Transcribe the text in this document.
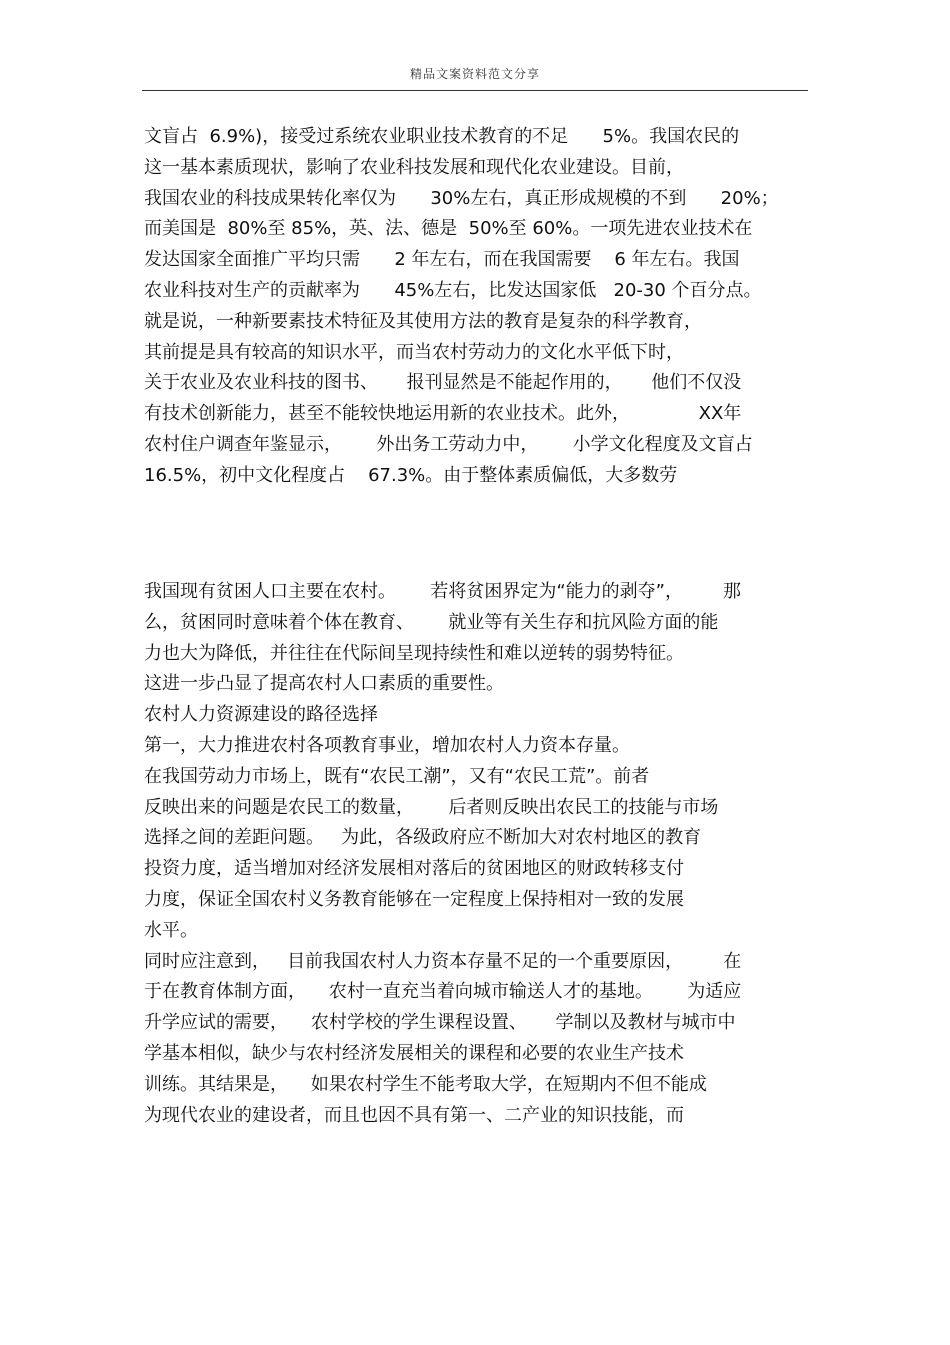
精品文案资料范文分享
文盲占  6.9%)，接受过系统农业职业技术教育的不足      5%。我国农民的
这一基本素质现状，影响了农业科技发展和现代化农业建设。目前，
我国农业的科技成果转化率仅为      30%左右，真正形成规模的不到      20%；
而美国是  80%至 85%，英、法、德是  50%至 60%。一项先进农业技术在
发达国家全面推广平均只需      2 年左右，而在我国需要    6 年左右。我国
农业科技对生产的贡献率为      45%左右，比发达国家低   20-30 个百分点。
就是说，一种新要素技术特征及其使用方法的教育是复杂的科学教育，
其前提是具有较高的知识水平，而当农村劳动力的文化水平低下时，
关于农业及农业科技的图书、     报刊显然是不能起作用的，     他们不仅没
有技术创新能力，甚至不能较快地运用新的农业技术。此外，            XX年
农村住户调查年鉴显示，      外出务工劳动力中，      小学文化程度及文盲占
16.5%，初中文化程度占    67.3%。由于整体素质偏低，大多数劳
我国现有贫困人口主要在农村。      若将贫困界定为“能力的剥夺”，       那
么，贫困同时意味着个体在教育、      就业等有关生存和抗风险方面的能
力也大为降低，并往往在代际间呈现持续性和难以逆转的弱势特征。
这进一步凸显了提高农村人口素质的重要性。
农村人力资源建设的路径选择
第一，大力推进农村各项教育事业，增加农村人力资本存量。
在我国劳动力市场上，既有“农民工潮”，又有“农民工荒”。前者
反映出来的问题是农民工的数量，      后者则反映出农民工的技能与市场
选择之间的差距问题。   为此，各级政府应不断加大对农村地区的教育
投资力度，适当增加对经济发展相对落后的贫困地区的财政转移支付
力度，保证全国农村义务教育能够在一定程度上保持相对一致的发展
水平。
同时应注意到，   目前我国农村人力资本存量不足的一个重要原因，       在
于在教育体制方面，    农村一直充当着向城市输送人才的基地。      为适应
升学应试的需要，    农村学校的学生课程设置、     学制以及教材与城市中
学基本相似，缺少与农村经济发展相关的课程和必要的农业生产技术
训练。其结果是，    如果农村学生不能考取大学，在短期内不但不能成
为现代农业的建设者，而且也因不具有第一、二产业的知识技能，而
